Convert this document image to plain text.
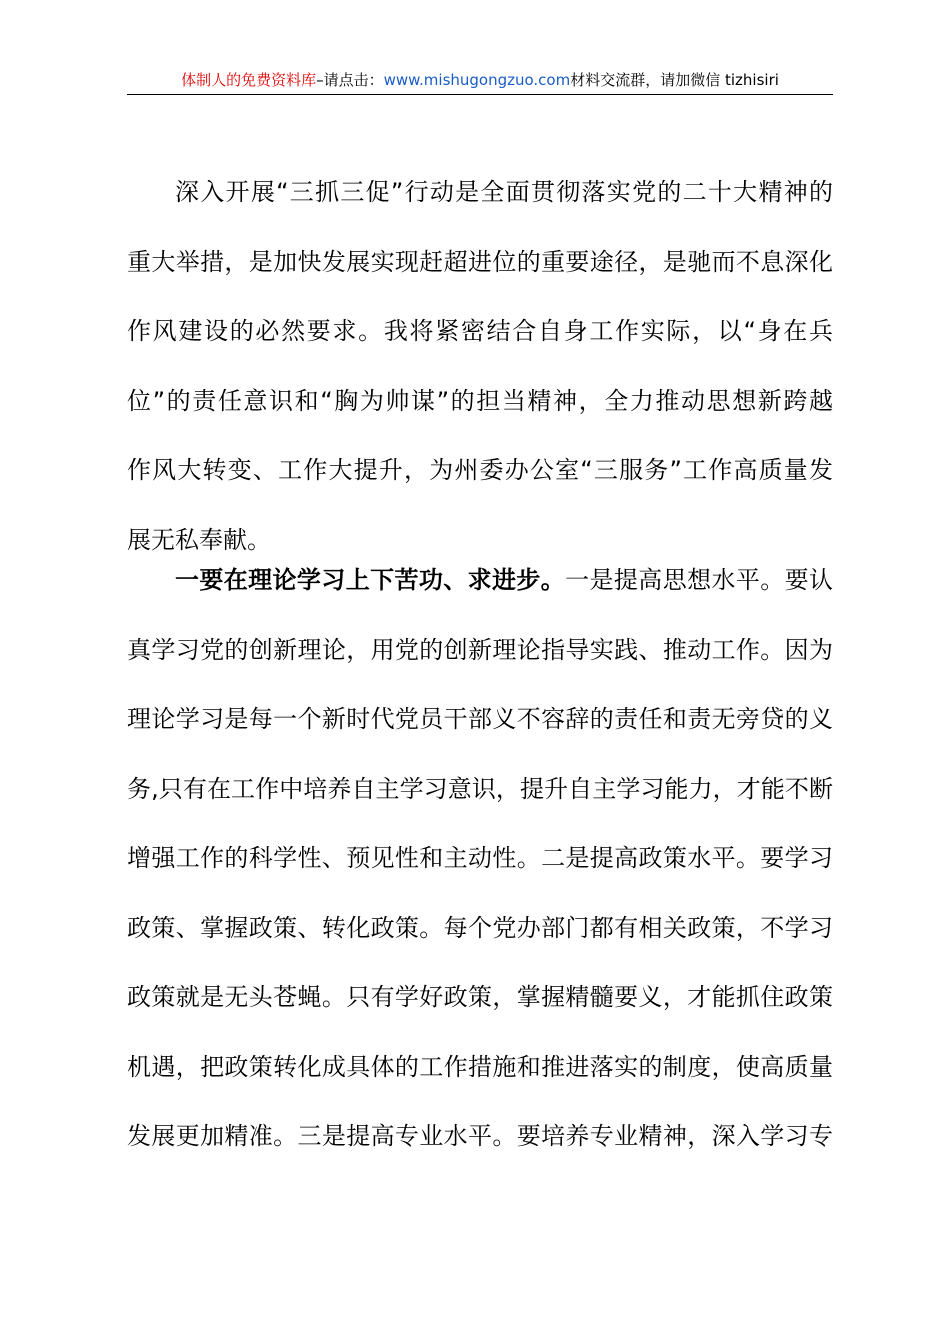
体制人的免费资料库–请点击：www.mishugongzuo.com材料交流群，请加微信 tizhisiri
深入开展“三抓三促”行动是全面贯彻落实党的二十大精神的
重大举措，是加快发展实现赶超进位的重要途径，是驰而不息深化
作风建设的必然要求。我将紧密结合自身工作实际，以“身在兵
位”的责任意识和“胸为帅谋”的担当精神，全力推动思想新跨越
作风大转变、工作大提升，为州委办公室“三服务”工作高质量发
展无私奉献。
一要在理论学习上下苦功、求进步。一是提高思想水平。要认
真学习党的创新理论，用党的创新理论指导实践、推动工作。因为
理论学习是每一个新时代党员干部义不容辞的责任和责无旁贷的义
务,只有在工作中培养自主学习意识，提升自主学习能力，才能不断
增强工作的科学性、预见性和主动性。二是提高政策水平。要学习
政策、掌握政策、转化政策。每个党办部门都有相关政策，不学习
政策就是无头苍蝇。只有学好政策，掌握精髓要义，才能抓住政策
机遇，把政策转化成具体的工作措施和推进落实的制度，使高质量
发展更加精准。三是提高专业水平。要培养专业精神，深入学习专
